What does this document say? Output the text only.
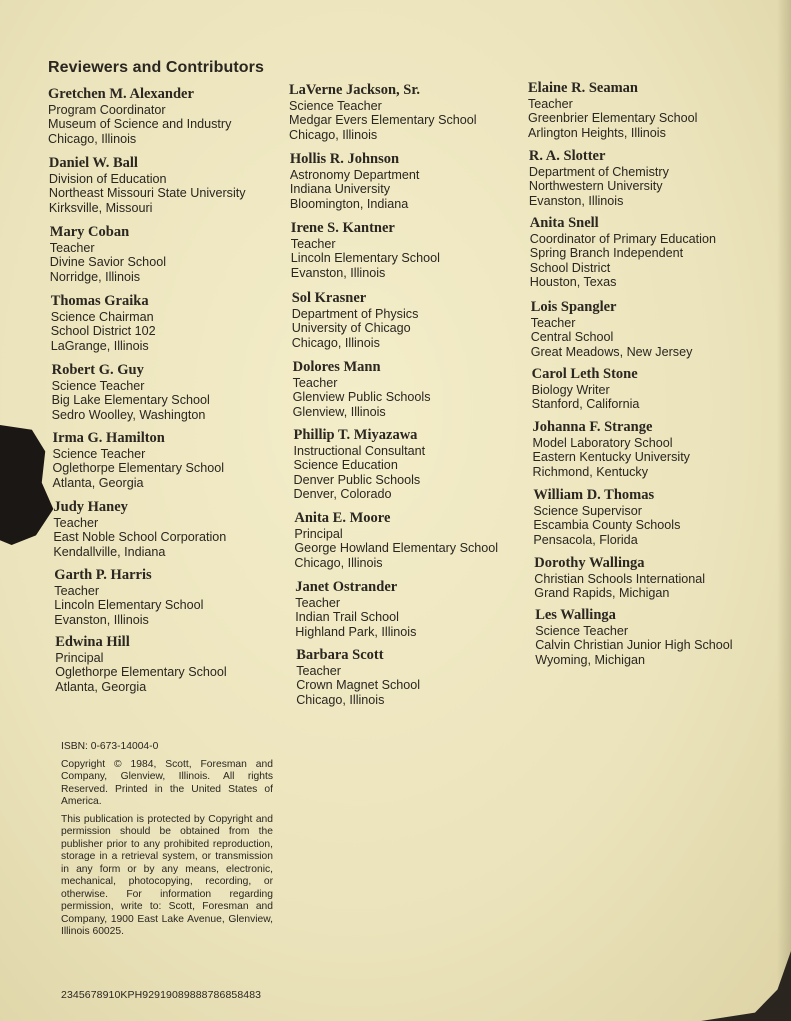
Reviewers and Contributors
Gretchen M. Alexander
Program Coordinator
Museum of Science and Industry
Chicago, Illinois
Daniel W. Ball
Division of Education
Northeast Missouri State University
Kirksville, Missouri
Mary Coban
Teacher
Divine Savior School
Norridge, Illinois
Thomas Graika
Science Chairman
School District 102
LaGrange, Illinois
Robert G. Guy
Science Teacher
Big Lake Elementary School
Sedro Woolley, Washington
Irma G. Hamilton
Science Teacher
Oglethorpe Elementary School
Atlanta, Georgia
Judy Haney
Teacher
East Noble School Corporation
Kendallville, Indiana
Garth P. Harris
Teacher
Lincoln Elementary School
Evanston, Illinois
Edwina Hill
Principal
Oglethorpe Elementary School
Atlanta, Georgia
LaVerne Jackson, Sr.
Science Teacher
Medgar Evers Elementary School
Chicago, Illinois
Hollis R. Johnson
Astronomy Department
Indiana University
Bloomington, Indiana
Irene S. Kantner
Teacher
Lincoln Elementary School
Evanston, Illinois
Sol Krasner
Department of Physics
University of Chicago
Chicago, Illinois
Dolores Mann
Teacher
Glenview Public Schools
Glenview, Illinois
Phillip T. Miyazawa
Instructional Consultant
Science Education
Denver Public Schools
Denver, Colorado
Anita E. Moore
Principal
George Howland Elementary School
Chicago, Illinois
Janet Ostrander
Teacher
Indian Trail School
Highland Park, Illinois
Barbara Scott
Teacher
Crown Magnet School
Chicago, Illinois
Elaine R. Seaman
Teacher
Greenbrier Elementary School
Arlington Heights, Illinois
R. A. Slotter
Department of Chemistry
Northwestern University
Evanston, Illinois
Anita Snell
Coordinator of Primary Education
Spring Branch Independent
School District
Houston, Texas
Lois Spangler
Teacher
Central School
Great Meadows, New Jersey
Carol Leth Stone
Biology Writer
Stanford, California
Johanna F. Strange
Model Laboratory School
Eastern Kentucky University
Richmond, Kentucky
William D. Thomas
Science Supervisor
Escambia County Schools
Pensacola, Florida
Dorothy Wallinga
Christian Schools International
Grand Rapids, Michigan
Les Wallinga
Science Teacher
Calvin Christian Junior High School
Wyoming, Michigan
ISBN: 0-673-14004-0

Copyright © 1984, Scott, Foresman and Company, Glenview, Illinois. All rights Reserved. Printed in the United States of America.

This publication is protected by Copyright and permission should be obtained from the publisher prior to any prohibited reproduction, storage in a retrieval system, or transmission in any form or by any means, electronic, mechanical, photocopying, recording, or otherwise. For information regarding permission, write to: Scott, Foresman and Company, 1900 East Lake Avenue, Glenview, Illinois 60025.

2345678910KPH92919089888786858483
